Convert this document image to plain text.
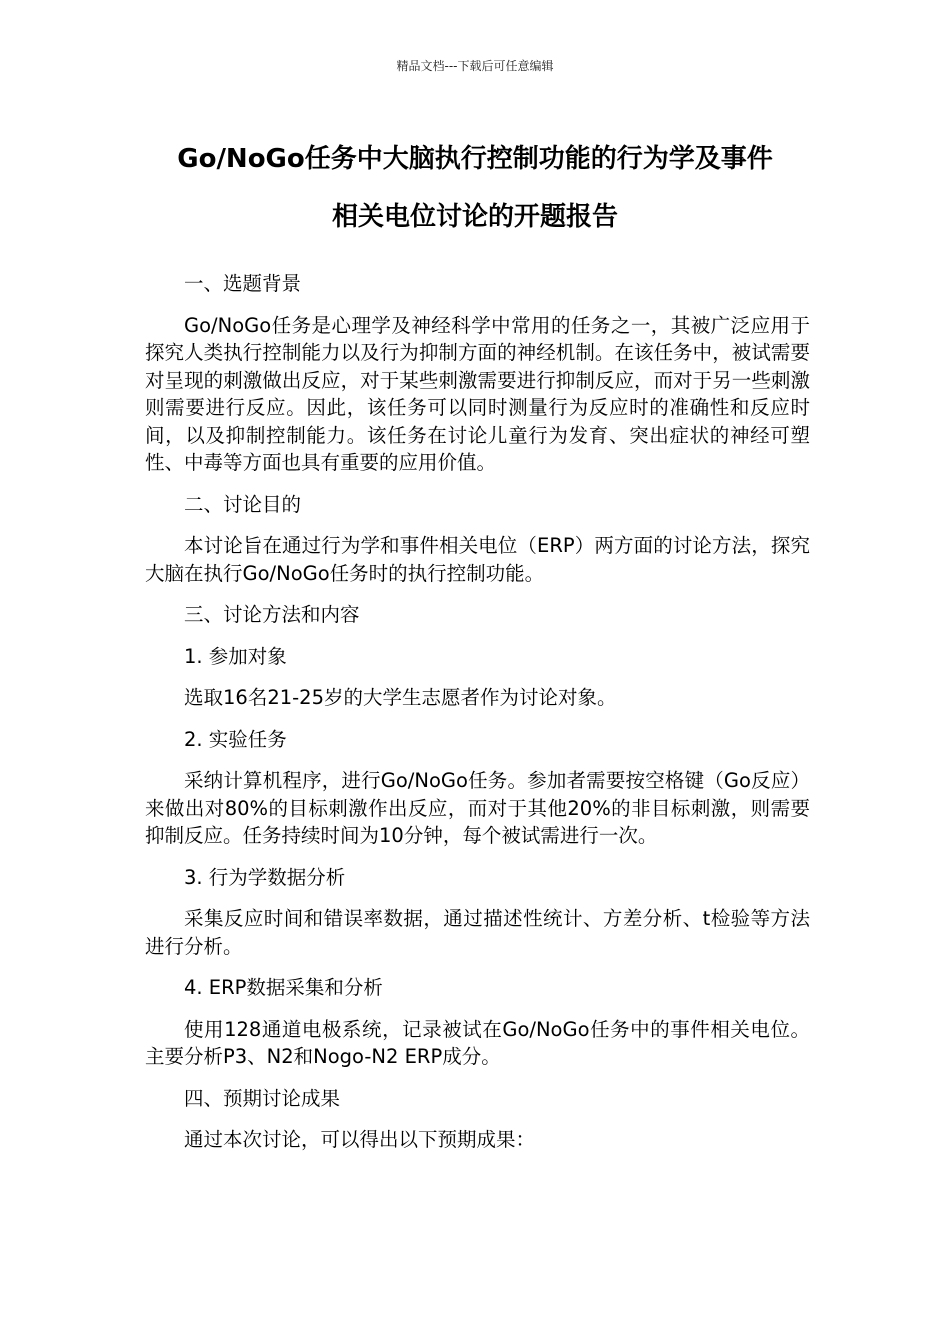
精品文档---下载后可任意编辑
Go/NoGo任务中大脑执行控制功能的行为学及事件
相关电位讨论的开题报告

一、选题背景

Go/NoGo任务是心理学及神经科学中常用的任务之一，其被广泛应用于探究人类执行控制能力以及行为抑制方面的神经机制。在该任务中，被试需要对呈现的刺激做出反应，对于某些刺激需要进行抑制反应，而对于另一些刺激则需要进行反应。因此，该任务可以同时测量行为反应时的准确性和反应时间，以及抑制控制能力。该任务在讨论儿童行为发育、突出症状的神经可塑性、中毒等方面也具有重要的应用价值。

二、讨论目的

本讨论旨在通过行为学和事件相关电位（ERP）两方面的讨论方法，探究大脑在执行Go/NoGo任务时的执行控制功能。

三、讨论方法和内容

1. 参加对象

选取16名21-25岁的大学生志愿者作为讨论对象。

2. 实验任务

采纳计算机程序，进行Go/NoGo任务。参加者需要按空格键（Go反应）来做出对80%的目标刺激作出反应，而对于其他20%的非目标刺激，则需要抑制反应。任务持续时间为10分钟，每个被试需进行一次。

3. 行为学数据分析

采集反应时间和错误率数据，通过描述性统计、方差分析、t检验等方法进行分析。

4. ERP数据采集和分析

使用128通道电极系统，记录被试在Go/NoGo任务中的事件相关电位。主要分析P3、N2和Nogo-N2 ERP成分。

四、预期讨论成果

通过本次讨论，可以得出以下预期成果：
